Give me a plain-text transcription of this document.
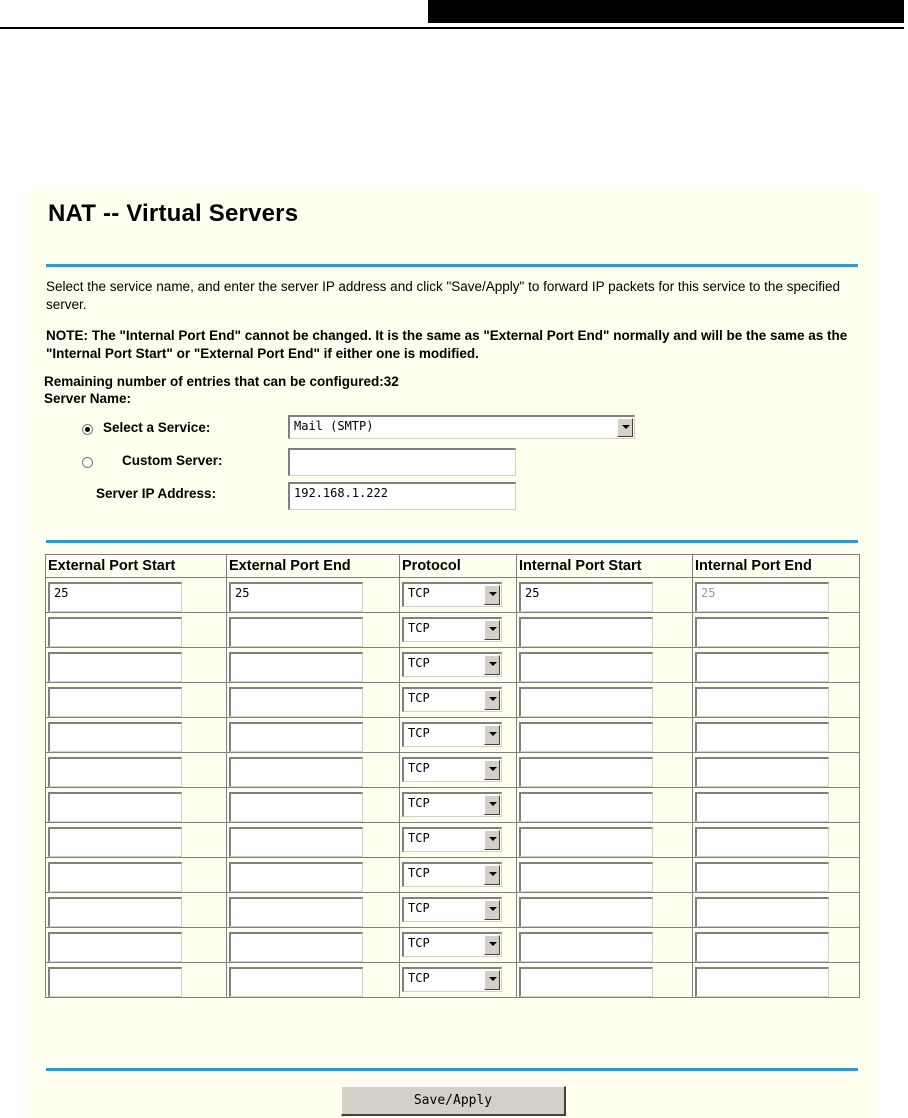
NAT -- Virtual Servers
Select the service name, and enter the server IP address and click "Save/Apply" to forward IP packets for this service to the specified server.
NOTE: The "Internal Port End" cannot be changed. It is the same as "External Port End" normally and will be the same as the "Internal Port Start" or "External Port End" if either one is modified.
Remaining number of entries that can be configured:32
Server Name:
Select a Service:	Mail (SMTP)
Custom Server:
Server IP Address:	192.168.1.222
External Port Start	External Port End	Protocol	Internal Port Start	Internal Port End

25	25	TCP	25	25

		TCP		

		TCP		

		TCP		

		TCP		

		TCP		

		TCP		

		TCP		

		TCP		

		TCP		

		TCP		

		TCP		

Save/Apply
